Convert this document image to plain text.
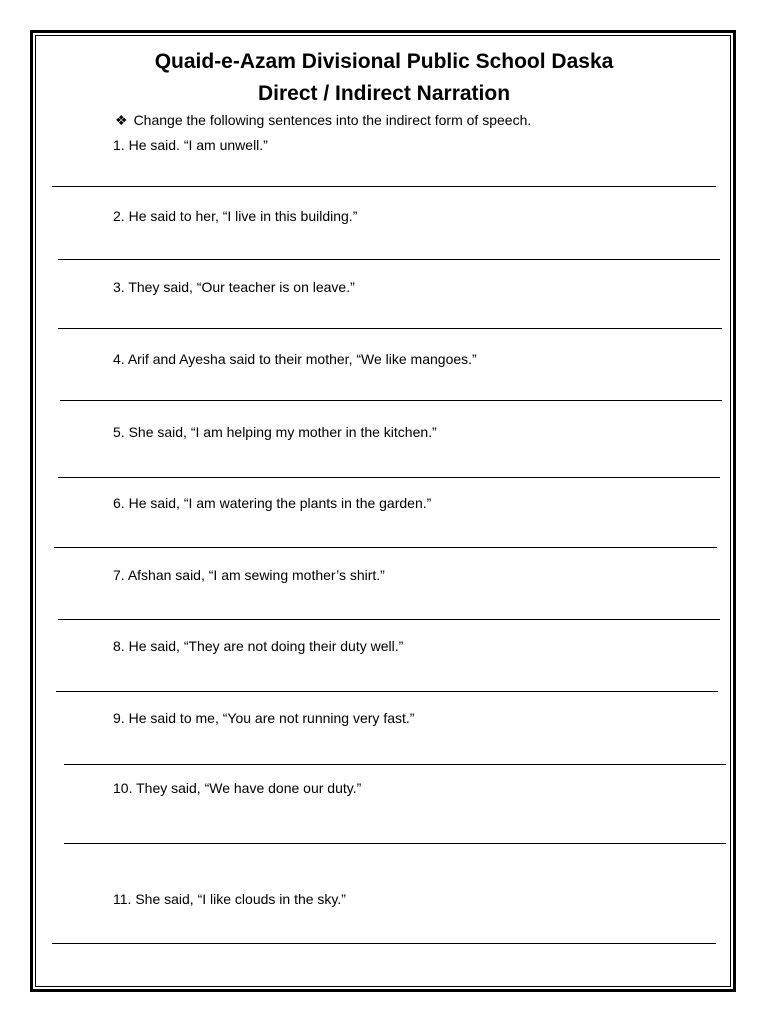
Quaid-e-Azam Divisional Public School Daska
Direct / Indirect Narration
❖ Change the following sentences into the indirect form of speech.
1. He said. “I am unwell.”
2. He said to her, “I live in this building.”
3. They said, “Our teacher is on leave.”
4. Arif and Ayesha said to their mother, “We like mangoes.”
5. She said, “I am helping my mother in the kitchen.”
6. He said, “I am watering the plants in the garden.”
7. Afshan said, “I am sewing mother’s shirt.”
8. He said, “They are not doing their duty well.”
9. He said to me, “You are not running very fast.”
10. They said, “We have done our duty.”
11. She said, “I like clouds in the sky.”
